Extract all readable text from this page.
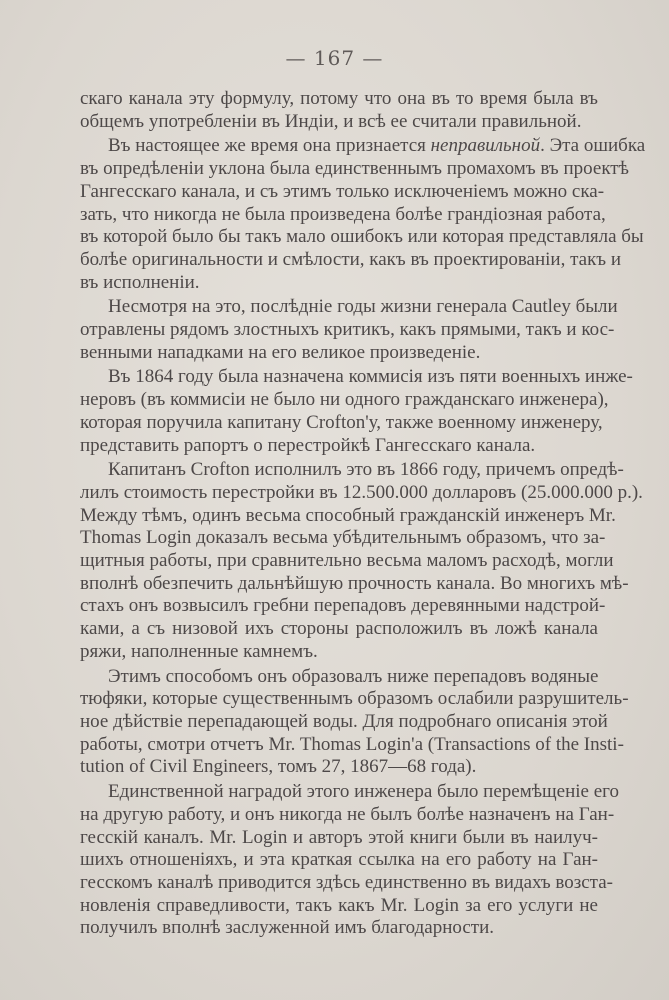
— 167 —
скаго канала эту формулу, потому что она въ то время была въ
общемъ употребленіи въ Индіи, и всѣ ее считали правильной.
Въ настоящее же время она признается неправильной. Эта ошибка
въ опредѣленіи уклона была единственнымъ промахомъ въ проектѣ
Гангесскаго канала, и съ этимъ только исключеніемъ можно ска-
зать, что никогда не была произведена болѣе грандіозная работа,
въ которой было бы такъ мало ошибокъ или которая представляла бы
болѣе оригинальности и смѣлости, какъ въ проектированіи, такъ и
въ исполненіи.
Несмотря на это, послѣдніе годы жизни генерала Cautley были
отравлены рядомъ злостныхъ критикъ, какъ прямыми, такъ и кос-
венными нападками на его великое произведеніе.
Въ 1864 году была назначена коммисія изъ пяти военныхъ инже-
неровъ (въ коммисіи не было ни одного гражданскаго инженера),
которая поручила капитану Crofton'у, также военному инженеру,
представить рапортъ о перестройкѣ Гангесскаго канала.
Капитанъ Crofton исполнилъ это въ 1866 году, причемъ опредѣ-
лилъ стоимость перестройки въ 12.500.000 долларовъ (25.000.000 р.).
Между тѣмъ, одинъ весьма способный гражданскій инженеръ Mr.
Thomas Login доказалъ весьма убѣдительнымъ образомъ, что за-
щитныя работы, при сравнительно весьма маломъ расходѣ, могли
вполнѣ обезпечить дальнѣйшую прочность канала. Во многихъ мѣ-
стахъ онъ возвысилъ гребни перепадовъ деревянными надстрой-
ками, а съ низовой ихъ стороны расположилъ въ ложѣ канала
ряжи, наполненные камнемъ.
Этимъ способомъ онъ образовалъ ниже перепадовъ водяные
тюфяки, которые существеннымъ образомъ ослабили разрушитель-
ное дѣйствіе перепадающей воды. Для подробнаго описанія этой
работы, смотри отчетъ Mr. Thomas Login'а (Transactions of the Insti-
tution of Civil Engineers, томъ 27, 1867—68 года).
Единственной наградой этого инженера было перемѣщеніе его
на другую работу, и онъ никогда не былъ болѣе назначенъ на Ган-
гесскій каналъ. Mr. Login и авторъ этой книги были въ наилуч-
шихъ отношеніяхъ, и эта краткая ссылка на его работу на Ган-
гесскомъ каналѣ приводится здѣсь единственно въ видахъ возста-
новленія справедливости, такъ какъ Mr. Login за его услуги не
получилъ вполнѣ заслуженной имъ благодарности.
